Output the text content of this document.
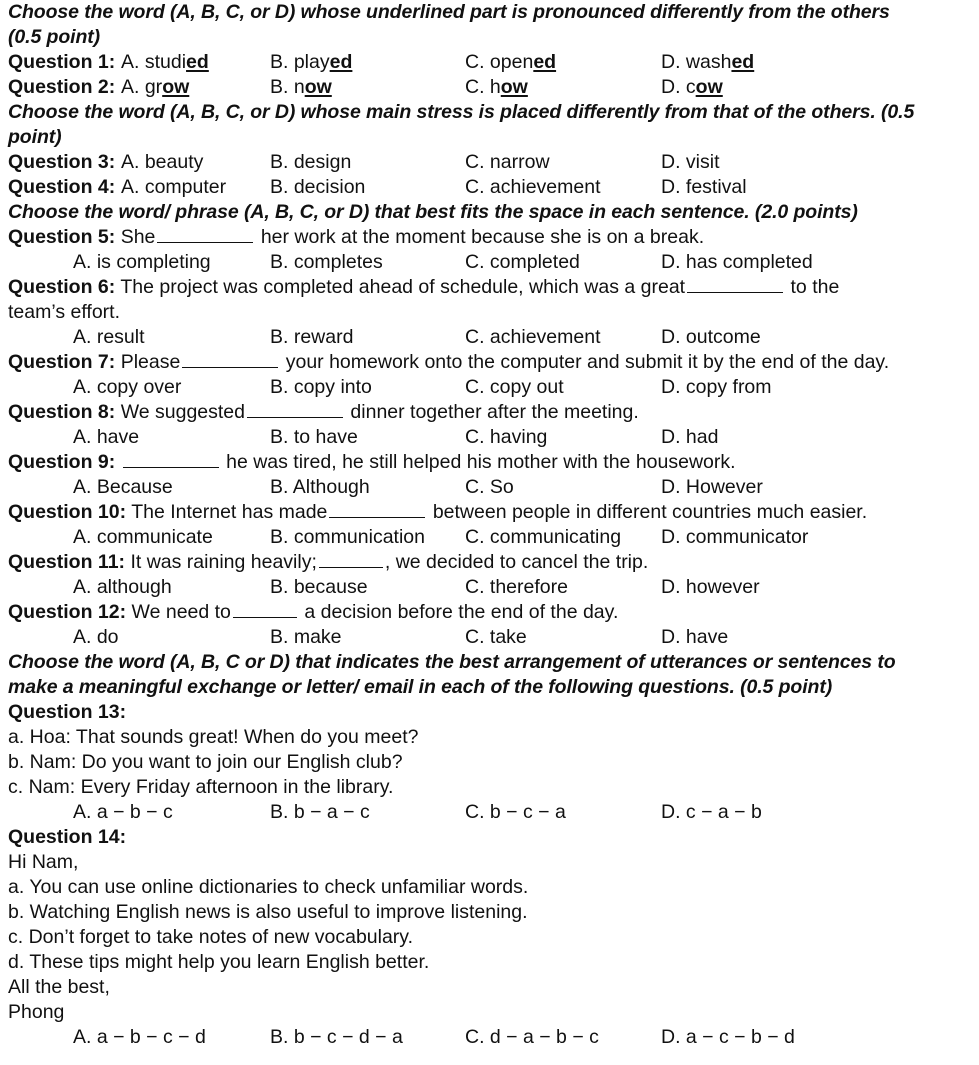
Choose the word (A, B, C, or D) whose underlined part is pronounced differently from the others
(0.5 point)
Question 1: A. studied	B. played	C. opened	D. washed
Question 2: A. grow	B. now	C. how	D. cow
Choose the word (A, B, C, or D) whose main stress is placed differently from that of the others. (0.5
point)
Question 3: A. beauty	B. design	C. narrow	D. visit
Question 4: A. computer B. decision	C. achievement	D. festival
Choose the word/ phrase (A, B, C, or D) that best fits the space in each sentence. (2.0 points)
Question 5: She	her work at the moment because she is on a break.
A. is completing	B. completes	C. completed	D. has completed
Question 6: The project was completed ahead of schedule, which was a great	to the
team’s effort.
A. result	B. reward	C. achievement	D. outcome
Question 7: Please	your homework onto the computer and submit it by the end of the day.
A. copy over	B. copy into	C. copy out	D. copy from
Question 8: We suggested	dinner together after the meeting.
A. have	B. to have	C. having	D. had
Question 9:	he was tired, he still helped his mother with the housework.
A. Because	B. Although	C. So	D. However
Question 10: The Internet has made	between people in different countries much easier.
A. communicate	B. communication C. communicating D. communicator
Question 11: It was raining heavily;	, we decided to cancel the trip.
A. although	B. because	C. therefore	D. however
Question 12: We need to	a decision before the end of the day.
A. do	B. make	C. take	D. have
Choose the word (A, B, C or D) that indicates the best arrangement of utterances or sentences to
make a meaningful exchange or letter/ email in each of the following questions. (0.5 point)
Question 13:
a. Hoa: That sounds great! When do you meet?
b. Nam: Do you want to join our English club?
c. Nam: Every Friday afternoon in the library.
A. a − b − c	B. b − a − c	C. b − c − a	D. c − a − b
Question 14:
Hi Nam,
a. You can use online dictionaries to check unfamiliar words.
b. Watching English news is also useful to improve listening.
c. Don’t forget to take notes of new vocabulary.
d. These tips might help you learn English better.
All the best,
Phong
A. a − b − c − d	B. b − c − d − a	C. d − a − b − c	D. a − c − b − d
